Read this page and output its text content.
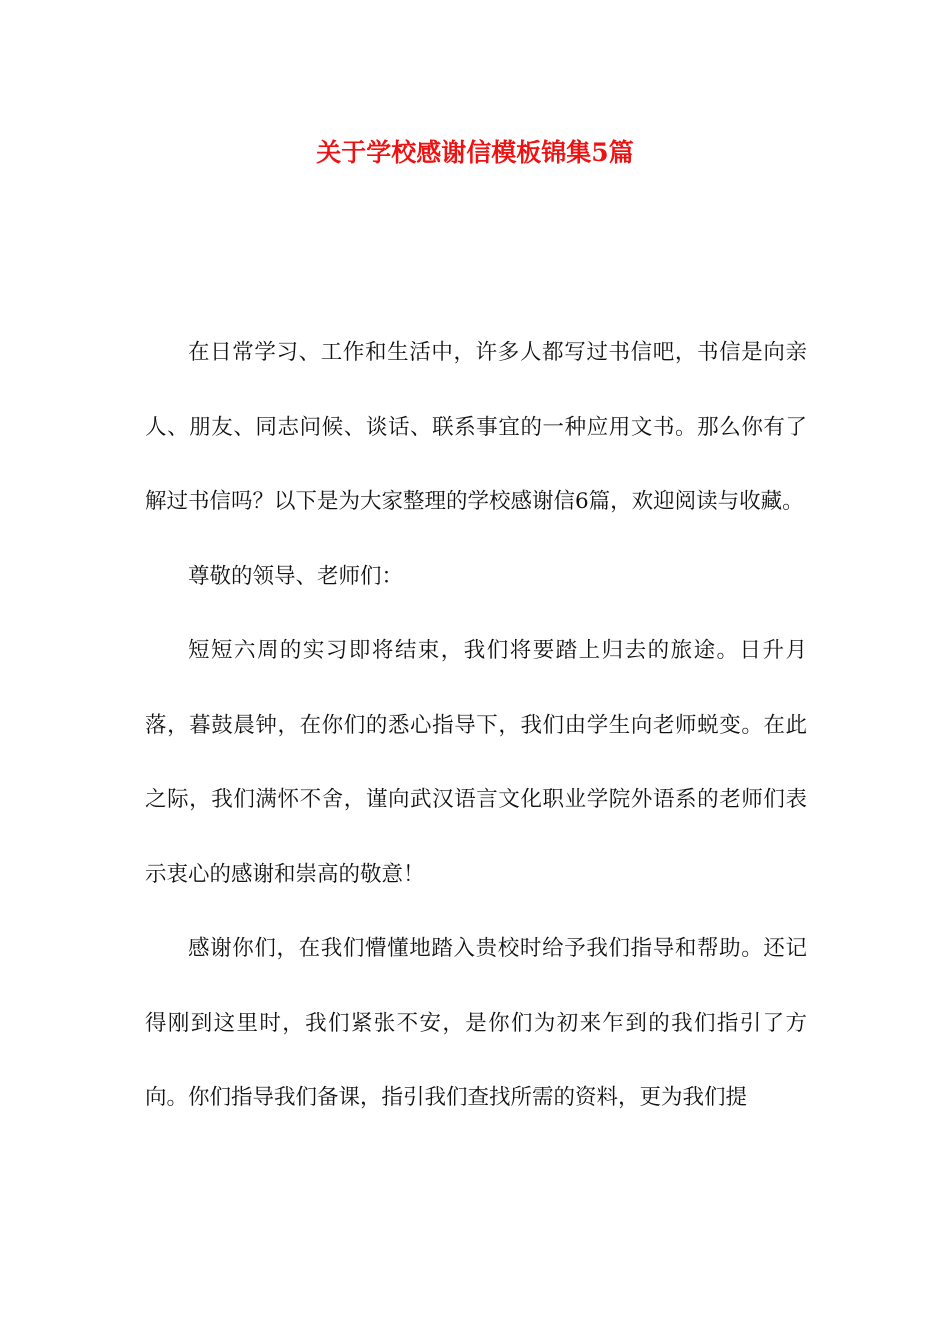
关于学校感谢信模板锦集5篇

在日常学习、工作和生活中，许多人都写过书信吧，书信是向亲人、朋友、同志问候、谈话、联系事宜的一种应用文书。那么你有了解过书信吗？以下是为大家整理的学校感谢信6篇，欢迎阅读与收藏。

尊敬的领导、老师们：

短短六周的实习即将结束，我们将要踏上归去的旅途。日升月落，暮鼓晨钟，在你们的悉心指导下，我们由学生向老师蜕变。在此之际，我们满怀不舍，谨向武汉语言文化职业学院外语系的老师们表示衷心的感谢和崇高的敬意！

感谢你们，在我们懵懂地踏入贵校时给予我们指导和帮助。还记得刚到这里时，我们紧张不安，是你们为初来乍到的我们指引了方向。你们指导我们备课，指引我们查找所需的资料，更为我们提
